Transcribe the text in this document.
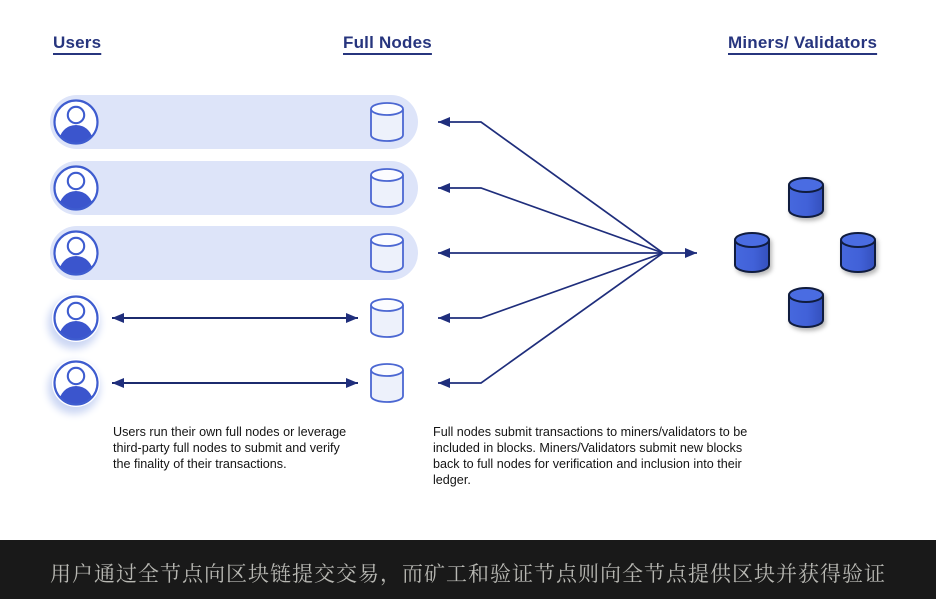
Users	Full Nodes	Miners/ Validators
Users run their own full nodes or leverage third-party full nodes to submit and verify the finality of their transactions.
Full nodes submit transactions to miners/validators to be included in blocks. Miners/Validators submit new blocks back to full nodes for verification and inclusion into their ledger.
用户通过全节点向区块链提交交易，而矿工和验证节点则向全节点提供区块并获得验证
